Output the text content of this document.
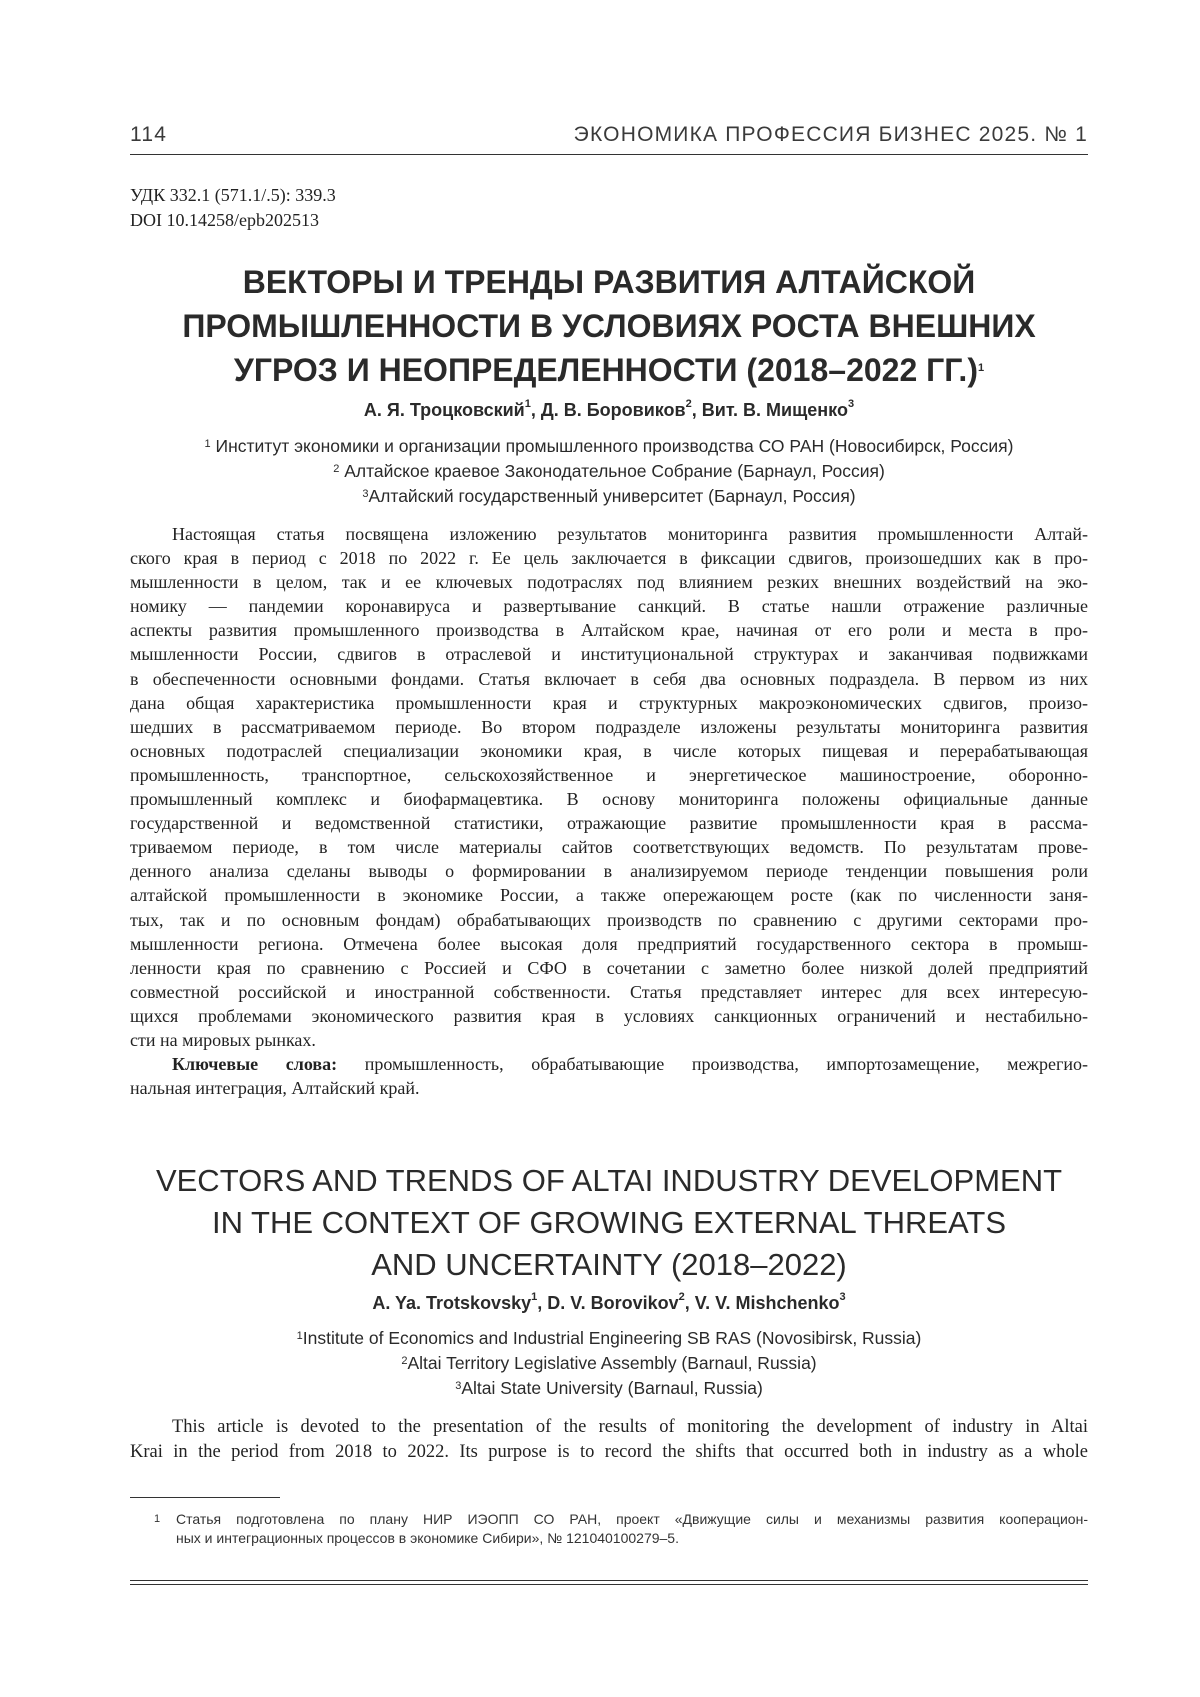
114	ЭКОНОМИКА ПРОФЕССИЯ БИЗНЕС 2025. № 1
УДК 332.1 (571.1/.5): 339.3
DOI 10.14258/epb202513
ВЕКТОРЫ И ТРЕНДЫ РАЗВИТИЯ АЛТАЙСКОЙ
ПРОМЫШЛЕННОСТИ В УСЛОВИЯХ РОСТА ВНЕШНИХ
УГРОЗ И НЕОПРЕДЕЛЕННОСТИ (2018–2022 ГГ.)$^1$
А. Я. Троцковский$^1$, Д. В. Боровиков$^2$, Вит. В. Мищенко$^3$
$^1$ Институт экономики и организации промышленного производства СО РАН (Новосибирск, Россия)
$^2$ Алтайское краевое Законодательное Собрание (Барнаул, Россия)
$^3$Алтайский государственный университет (Барнаул, Россия)
Настоящая статья посвящена изложению результатов мониторинга развития промышленности Алтай-
ского края в период с 2018 по 2022 г. Ее цель заключается в фиксации сдвигов, произошедших как в про-
мышленности в целом, так и ее ключевых подотраслях под влиянием резких внешних воздействий на эко-
номику — пандемии коронавируса и развертывание санкций. В статье нашли отражение различные
аспекты развития промышленного производства в Алтайском крае, начиная от его роли и места в про-
мышленности России, сдвигов в отраслевой и институциональной структурах и заканчивая подвижками
в обеспеченности основными фондами. Статья включает в себя два основных подраздела. В первом из них
дана общая характеристика промышленности края и структурных макроэкономических сдвигов, произо-
шедших в рассматриваемом периоде. Во втором подразделе изложены результаты мониторинга развития
основных подотраслей специализации экономики края, в числе которых пищевая и перерабатывающая
промышленность, транспортное, сельскохозяйственное и энергетическое машиностроение, оборонно-
промышленный комплекс и биофармацевтика. В основу мониторинга положены официальные данные
государственной и ведомственной статистики, отражающие развитие промышленности края в рассма-
триваемом периоде, в том числе материалы сайтов соответствующих ведомств. По результатам прове-
денного анализа сделаны выводы о формировании в анализируемом периоде тенденции повышения роли
алтайской промышленности в экономике России, а также опережающем росте (как по численности заня-
тых, так и по основным фондам) обрабатывающих производств по сравнению с другими секторами про-
мышленности региона. Отмечена более высокая доля предприятий государственного сектора в промыш-
ленности края по сравнению с Россией и СФО в сочетании с заметно более низкой долей предприятий
совместной российской и иностранной собственности. Статья представляет интерес для всех интересую-
щихся проблемами экономического развития края в условиях санкционных ограничений и нестабильно-
сти на мировых рынках.
Ключевые слова: промышленность, обрабатывающие производства, импортозамещение, межрегио-
нальная интеграция, Алтайский край.
VECTORS AND TRENDS OF ALTAI INDUSTRY DEVELOPMENT
IN THE CONTEXT OF GROWING EXTERNAL THREATS
AND UNCERTAINTY (2018–2022)
A. Ya. Trotskovsky$^1$, D. V. Borovikov$^2$, V. V. Mishchenko$^3$
$^1$Institute of Economics and Industrial Engineering SB RAS (Novosibirsk, Russia)
$^2$Altai Territory Legislative Assembly (Barnaul, Russia)
$^3$Altai State University (Barnaul, Russia)
This article is devoted to the presentation of the results of monitoring the development of industry in Altai
Krai in the period from 2018 to 2022. Its purpose is to record the shifts that occurred both in industry as a whole
1 Статья подготовлена по плану НИР ИЭОПП СО РАН, проект «Движущие силы и механизмы развития кооперацион-
ных и интеграционных процессов в экономике Сибири», № 121040100279–5.
